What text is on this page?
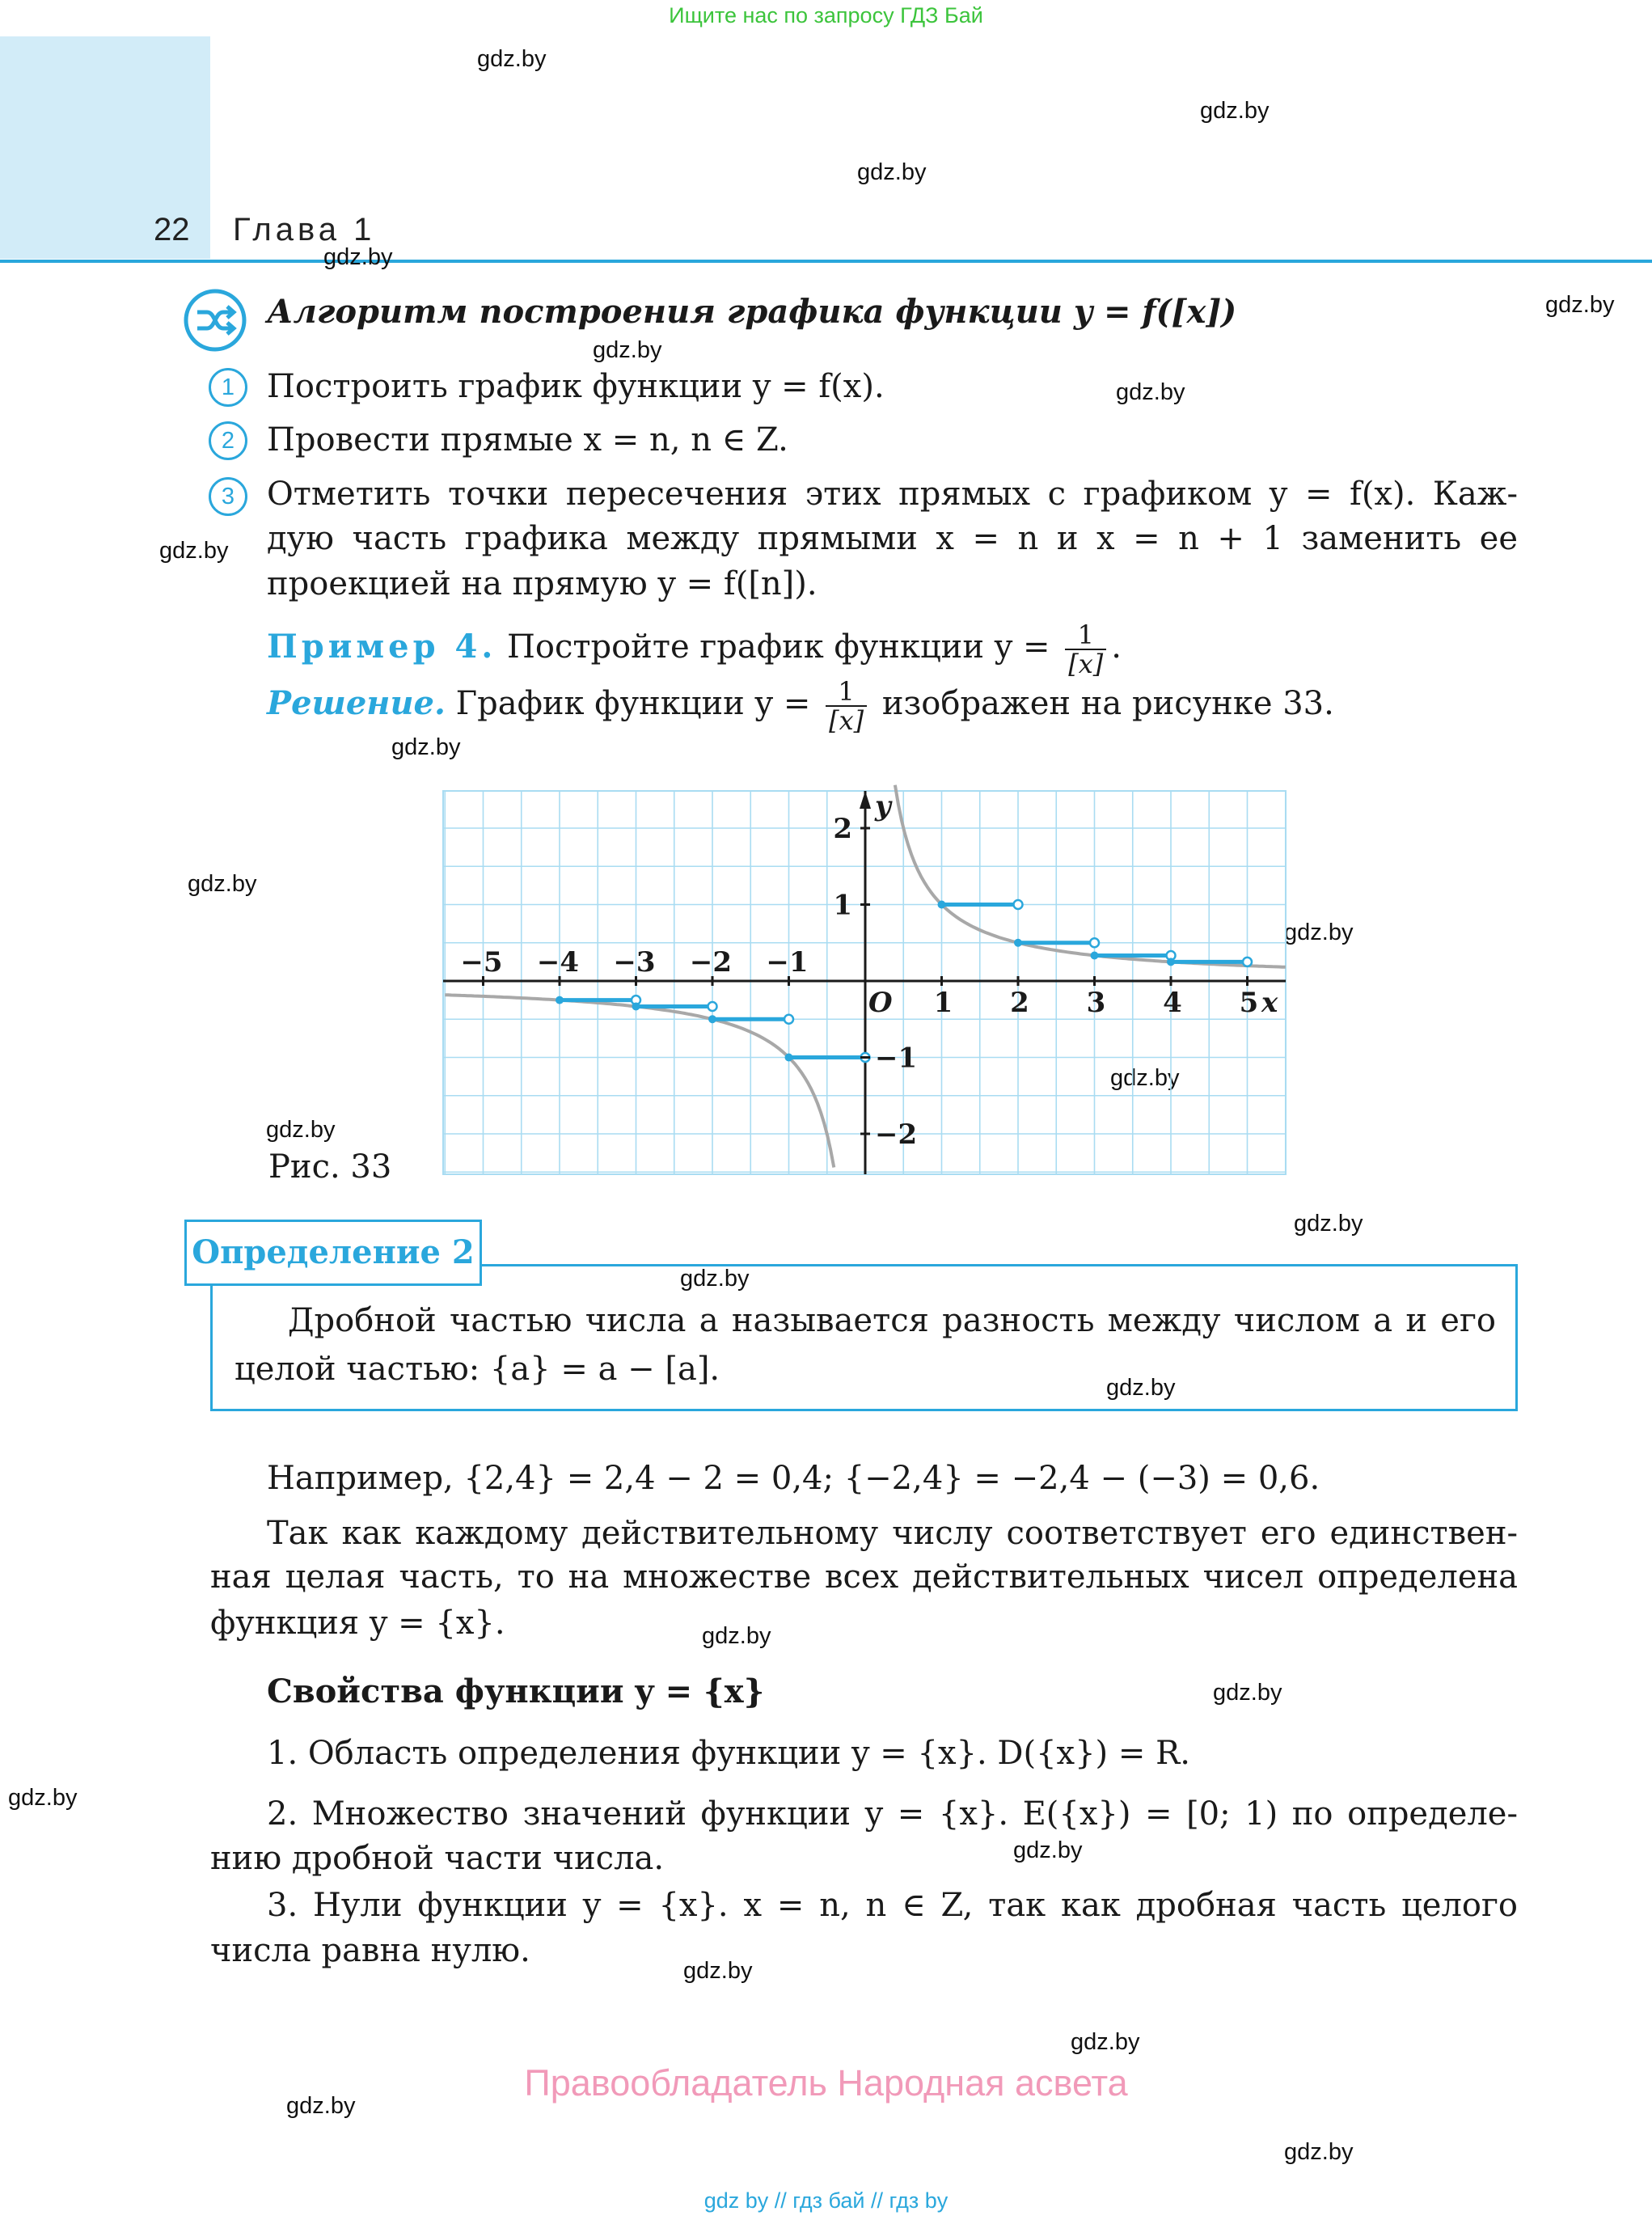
Ищите нас по запросу ГДЗ Бай
22 Глава 1
gdz.by
gdz.by
gdz.by
gdz.by
gdz.by
gdz.by
gdz.by
gdz.by
gdz.by
gdz.by
gdz.by
gdz.by
gdz.by
gdz.by
gdz.by
gdz.by
gdz.by
gdz.by
gdz.by
gdz.by
gdz.by
gdz.by
gdz.by
gdz.by
Алгоритм построения графика функции y = f([x])
1 Построить график функции y = f(x).
2 Провести прямые x = n, n ∈ Z.
3 Отметить точки пересечения этих прямых с графиком y = f(x). Каж-
дую часть графика между прямыми x = n и x = n + 1 заменить ее
проекцией на прямую y = f([n]).
Пример 4. Постройте график функции $y = \frac{1}{[x]}$ .
Решение. График функции $y = \frac{1}{[x]}$ изображен на рисунке 33.
−5 −4 −3 −2 −1
1 2 3 4 5
2
1
−1
−2
O	x
y
Рис. 33
Определение 2
Дробной частью числа a называется разность между числом a и его
целой частью: {a} = a − [a].
Например, {2,4} = 2,4 − 2 = 0,4; {−2,4} = −2,4 − (−3) = 0,6.
Так как каждому действительному числу соответствует его единствен-
ная целая часть, то на множестве всех действительных чисел определена
функция y = {x}.
Свойства функции y = {x}
1. Область определения функции y = {x}. D({x}) = R.
2. Множество значений функции y = {x}. E({x}) = [0; 1) по определе-
нию дробной части числа.
3. Нули функции y = {x}. x = n, n ∈ Z, так как дробная часть целого
числа равна нулю.
Правообладатель Народная асвета
gdz by // гдз бай // гдз by
